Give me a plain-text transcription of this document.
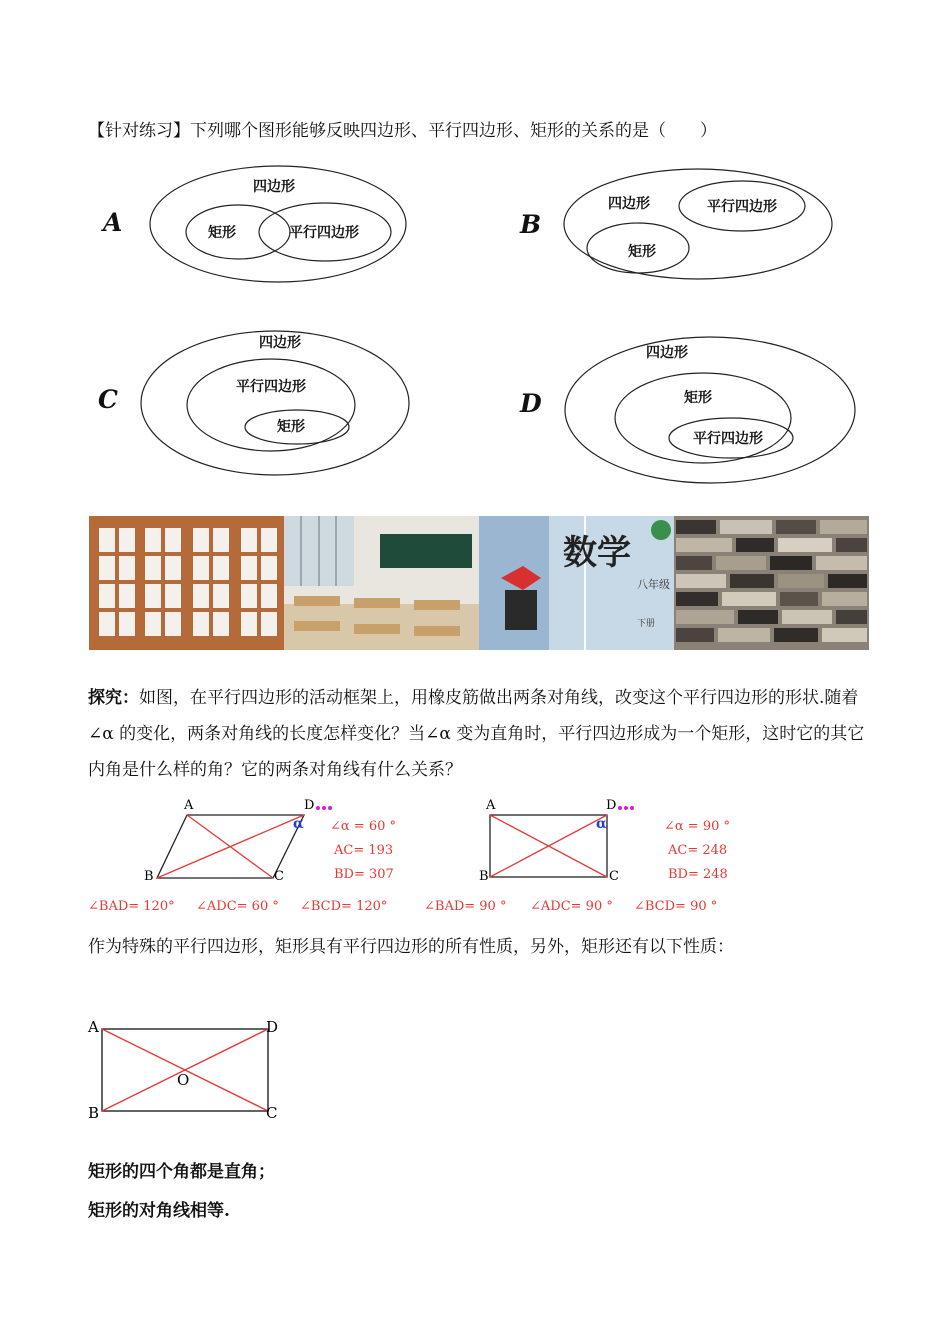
【针对练习】下列哪个图形能够反映四边形、平行四边形、矩形的关系的是（　　）
四边形
矩形	平行四边形
四边形	平行四边形
矩形
四边形
平行四边形
矩形
四边形
矩形
平行四边形
A	B
C	D
数学
八年级
下册
探究：如图，在平行四边形的活动框架上，用橡皮筋做出两条对角线，改变这个平行四边形的形状.随着∠α 的变化，两条对角线的长度怎样变化？当∠α 变为直角时，平行四边形成为一个矩形，这时它的其它内角是什么样的角？它的两条对角线有什么关系？
A	D
B	C
α ∠α = 60 °
AC= 193
BD= 307
∠BAD= 120° ∠ADC= 60 ° ∠BCD= 120°
A	D
B	C
α	∠α = 90 °
AC= 248
BD= 248
∠BAD= 90 ° ∠ADC= 90 ° ∠BCD= 90 °
作为特殊的平行四边形，矩形具有平行四边形的所有性质，另外，矩形还有以下性质：
A	D
B	C
O
矩形的四个角都是直角；
矩形的对角线相等.
